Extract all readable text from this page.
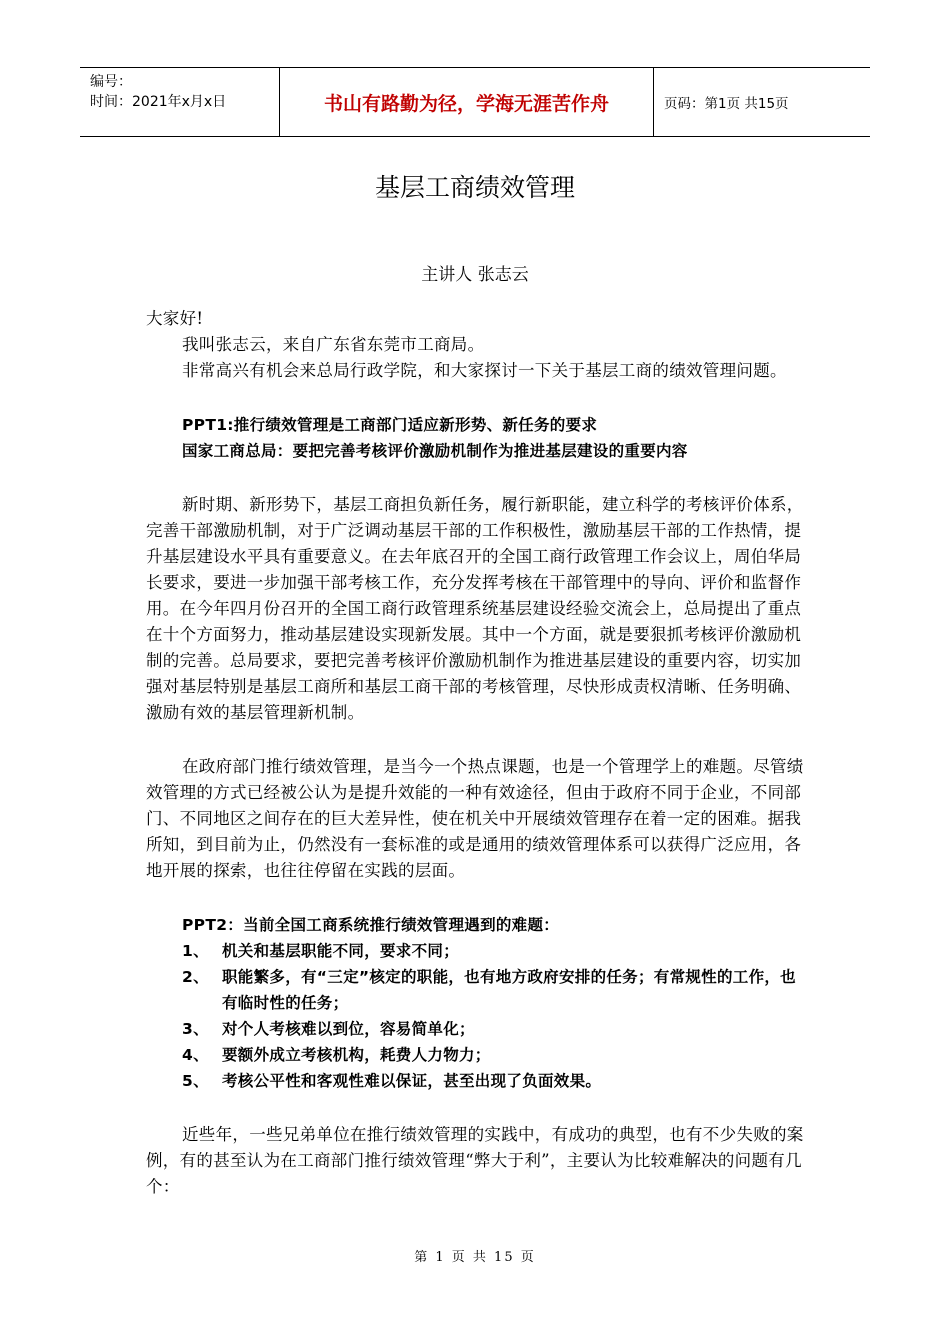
编号：
时间：2021年x月x日	书山有路勤为径，学海无涯苦作舟	页码：第1页 共15页
基层工商绩效管理
主讲人 张志云

大家好!

我叫张志云，来自广东省东莞市工商局。

非常高兴有机会来总局行政学院，和大家探讨一下关于基层工商的绩效管理问题。

PPT1:推行绩效管理是工商部门适应新形势、新任务的要求

国家工商总局：要把完善考核评价激励机制作为推进基层建设的重要内容

新时期、新形势下，基层工商担负新任务，履行新职能，建立科学的考核评价体系，完善干部激励机制，对于广泛调动基层干部的工作积极性，激励基层干部的工作热情，提升基层建设水平具有重要意义。在去年底召开的全国工商行政管理工作会议上，周伯华局长要求，要进一步加强干部考核工作，充分发挥考核在干部管理中的导向、评价和监督作用。在今年四月份召开的全国工商行政管理系统基层建设经验交流会上，总局提出了重点在十个方面努力，推动基层建设实现新发展。其中一个方面，就是要狠抓考核评价激励机制的完善。总局要求，要把完善考核评价激励机制作为推进基层建设的重要内容，切实加强对基层特别是基层工商所和基层工商干部的考核管理，尽快形成责权清晰、任务明确、激励有效的基层管理新机制。

在政府部门推行绩效管理，是当今一个热点课题，也是一个管理学上的难题。尽管绩效管理的方式已经被公认为是提升效能的一种有效途径，但由于政府不同于企业，不同部门、不同地区之间存在的巨大差异性，使在机关中开展绩效管理存在着一定的困难。据我所知，到目前为止，仍然没有一套标准的或是通用的绩效管理体系可以获得广泛应用，各地开展的探索，也往往停留在实践的层面。

PPT2：当前全国工商系统推行绩效管理遇到的难题：

1、 机关和基层职能不同，要求不同；
2、 职能繁多，有“三定”核定的职能，也有地方政府安排的任务；有常规性的工作，也有临时性的任务；
3、 对个人考核难以到位，容易简单化；
4、 要额外成立考核机构，耗费人力物力；
5、 考核公平性和客观性难以保证，甚至出现了负面效果。

近些年，一些兄弟单位在推行绩效管理的实践中，有成功的典型，也有不少失败的案例，有的甚至认为在工商部门推行绩效管理“弊大于利”，主要认为比较难解决的问题有几个：

第 1 页 共 15 页
